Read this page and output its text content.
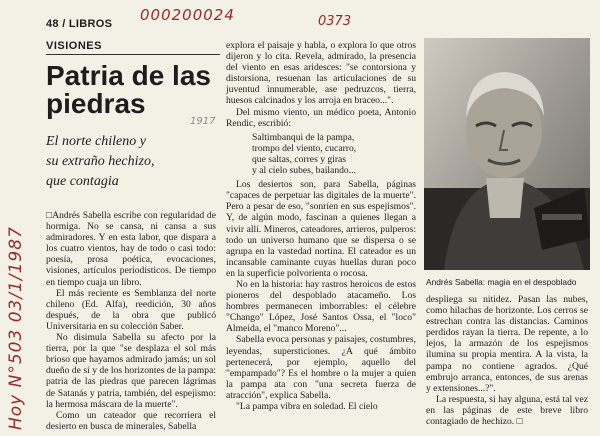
48 / LIBROS
VISIONES
000200024	0373
1917
Hoy N°503 03/1/1987
Patria de las
piedras
El norte chileno y
su extraño hechizo,
que contagia

□Andrés Sabella escribe con regularidad de hormiga. No se cansa, ni cansa a sus admiradores. Y en esta labor, que dispara a los cuatro vientos, hay de todo o casi todo: poesía, prosa poética, evocaciones, visiones, artículos periodísticos. De tiempo en tiempo cuaja un libro.

El más reciente es Semblanza del norte chileno (Ed. Alfa), reedición, 30 años después, de la obra que publicó Universitaria en su colección Saber.

No disimula Sabella su afecto por la tierra, por la que "se desplaza el sol más brioso que hayamos admirado jamás; un sol dueño de sí y de los horizontes de la pampa: patria de las piedras que parecen lágrimas de Satanás y patria, también, del espejismo: la hermosa máscara de la muerte".

Como un cateador que recorriera el desierto en busca de minerales, Sabella

explora el paisaje y habla, o explora lo que otros dijeron y lo cita. Revela, admirado, la presencia del viento en esas aridesces: "se contorsiona y distorsiona, resuenan las articulaciones de su juventud innumerable, ase pedruzcos, tierra, huesos calcinados y los arroja en braceo...".

Del mismo viento, un médico poeta, Antonio Rendic, escribió:

Saltimbanqui de la pampa,
trompo del viento, cucarro,
que saltas, corres y giras
y al cielo subes, bailando...

Los desiertos son, para Sabella, páginas "capaces de perpetuar las digitales de la muerte". Pero a pesar de eso, "sonríen en sus espejismos". Y, de algún modo, fascinan a quienes llegan a vivir allí. Mineros, cateadores, arrieros, pulperos: todo un universo humano que se dispersa o se agrupa en la vastedad nortina. El cateador es un incansable caminante cuyas huellas duran poco en la superficie polvorienta o rocosa.

No en la historia: hay rastros heroicos de estos pioneros del despoblado atacameño. Los hombres permanecen imborrables: el célebre "Chango" López, José Santos Ossa, el "loco" Almeida, el "manco Moreno"...

Sabella evoca personas y paisajes, costumbres, leyendas, supersticiones. ¿A qué ámbito pertenecerá, por ejemplo, aquello del "empampado"? Es el hombre o la mujer a quien la pampa ata con "una secreta fuerza de atracción", explica Sabella.

"La pampa vibra en soledad. El cielo

Andrés Sabella: magia en el despoblado

despliega su nitidez. Pasan las nubes, como hilachas de horizonte. Los cerros se estrechan contra las distancias. Caminos perdidos rayan la tierra. De repente, a lo lejos, la armazón de los espejismos ilumina su propia mentira. A la vista, la pampa no contiene agrados. ¿Qué embrujo arranca, entonces, de sus arenas y extensiones...?".

La respuesta, si hay alguna, está tal vez en las páginas de este breve libro contagiado de hechizo. □
